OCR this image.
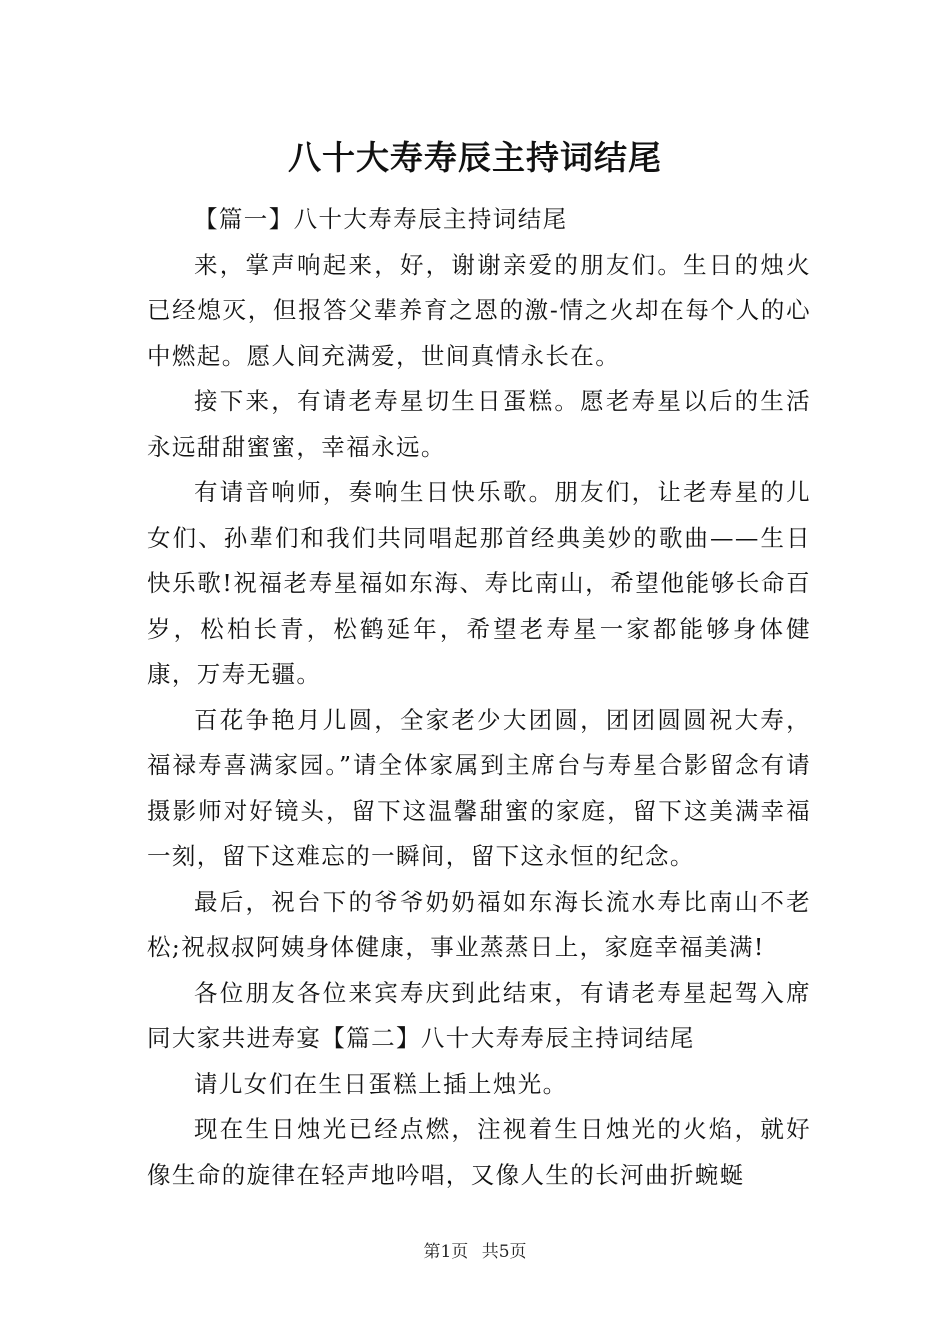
八十大寿寿辰主持词结尾

【篇一】八十大寿寿辰主持词结尾

来，掌声响起来，好，谢谢亲爱的朋友们。生日的烛火已经熄灭，但报答父辈养育之恩的激-情之火却在每个人的心中燃起。愿人间充满爱，世间真情永长在。

接下来，有请老寿星切生日蛋糕。愿老寿星以后的生活永远甜甜蜜蜜，幸福永远。

有请音响师，奏响生日快乐歌。朋友们，让老寿星的儿女们、孙辈们和我们共同唱起那首经典美妙的歌曲——生日快乐歌!祝福老寿星福如东海、寿比南山，希望他能够长命百岁，松柏长青，松鹤延年，希望老寿星一家都能够身体健康，万寿无疆。

百花争艳月儿圆，全家老少大团圆，团团圆圆祝大寿，福禄寿喜满家园。”请全体家属到主席台与寿星合影留念有请摄影师对好镜头，留下这温馨甜蜜的家庭，留下这美满幸福一刻，留下这难忘的一瞬间，留下这永恒的纪念。

最后，祝台下的爷爷奶奶福如东海长流水寿比南山不老松;祝叔叔阿姨身体健康，事业蒸蒸日上，家庭幸福美满!

各位朋友各位来宾寿庆到此结束，有请老寿星起驾入席同大家共进寿宴【篇二】八十大寿寿辰主持词结尾

请儿女们在生日蛋糕上插上烛光。

现在生日烛光已经点燃，注视着生日烛光的火焰，就好像生命的旋律在轻声地吟唱，又像人生的长河曲折蜿蜒

第1页 共5页
